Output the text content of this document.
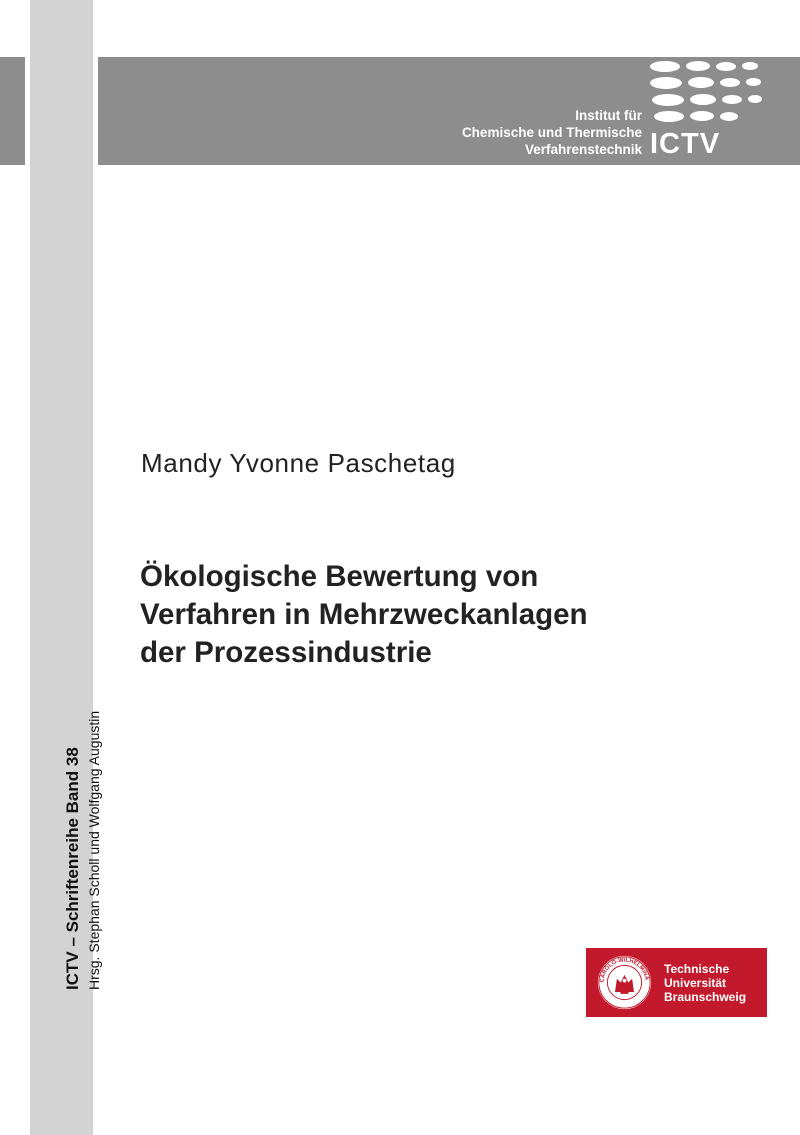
Institut für
Chemische und Thermische
Verfahrenstechnik ICTV
Mandy Yvonne Paschetag
Ökologische Bewertung von
Verfahren in Mehrzweckanlagen
der Prozessindustrie
ICTV – Schriftenreihe Band 38 Hrsg. Stephan Scholl und Wolfgang Augustin	CAROLO-WILHELMINA
Technische
Universität
Braunschweig
